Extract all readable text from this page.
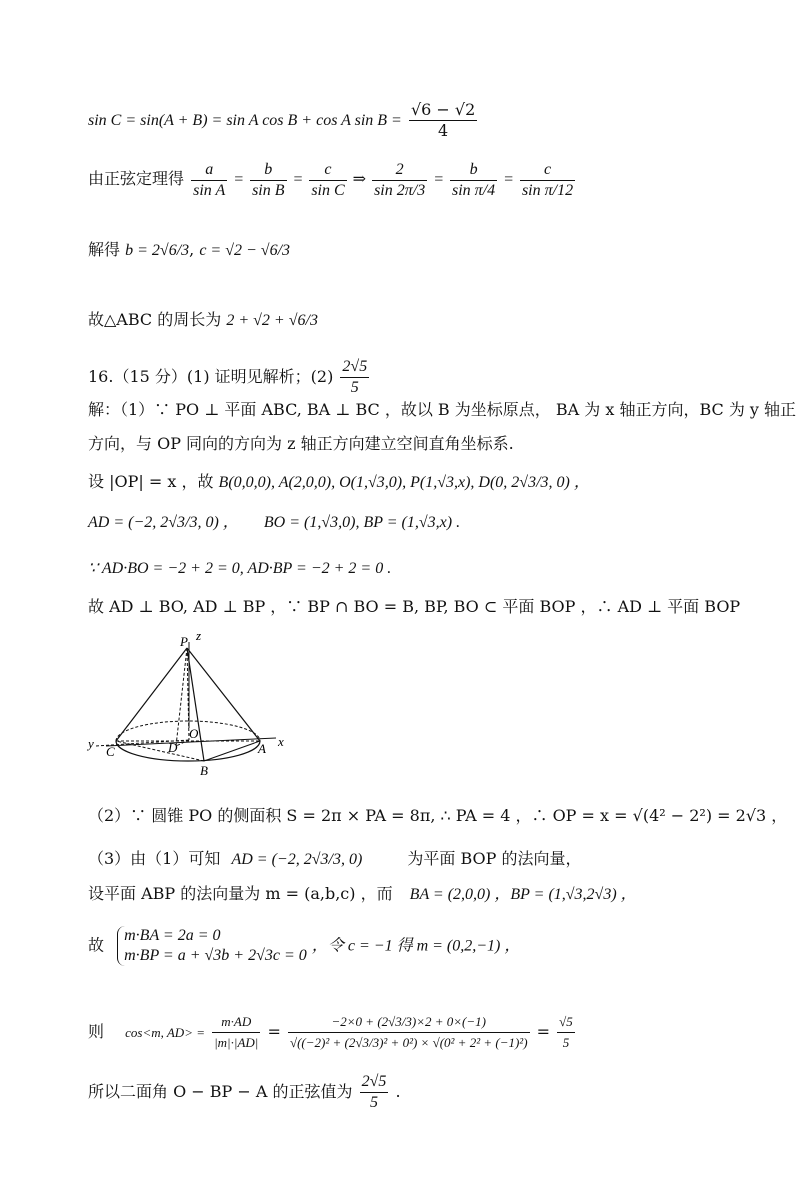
sin C = sin(A + B) = sin A cos B + cos A $\sin B = \frac{√6 - √2}{4}$
由正弦定理得 $\frac{a}{\text{sin A}} = \frac{b}{\text{sin B}} = \frac{c}{\text{sin C}}$ ⇒ $\frac{2}{\sin 2\pi/3} = \frac{b}{\text{sin π/4}} = \frac{c}{\text{sin π/12}}$
解得 b = 2√6/3, c = √2 − √6/3
故△ABC 的周长为 2 + √2 + √6/3
16.（15 分）(1) 证明见解析；$(2) \frac{2√5}{5}$
解：（1）∵ PO ⊥ 平面 ABC, BA ⊥ BC ，故以 B 为坐标原点， BA 为 x 轴正方向，BC 为 y 轴正
方向，与 OP 同向的方向为 z 轴正方向建立空间直角坐标系.
设 |OP| = x ，故 B(0,0,0), A(2,0,0), O(1,√3,0), P(1,√3,x), D(0, 2√3/3, 0) ，
AD = (−2, 2√3/3, 0) ， BO = (1,√3,0), BP = (1,√3,x) .
∵ AD·BO = −2 + 2 = 0, AD·BP = −2 + 2 = 0 .
故 AD ⊥ BO, AD ⊥ BP ，∵ BP ∩ BO = B, BP, BO ⊂ 平面 BOP ，∴ AD ⊥ 平面 BOP
P z
O
D
C	A
B
x
y
（2）∵ 圆锥 PO 的侧面积 S = 2π × PA = 8π, ∴ PA = 4 ，∴ OP = x = √(4² − 2²) = 2√3 ，
（3）由（1）可知 AD = (−2, 2√3/3, 0)	为平面 BOP 的法向量，
设平面 ABP 的法向量为 m = (a,b,c) ，而 BA = (2,0,0) ，BP = (1,√3,2√3) ，
故 m·BA = 2a = 0
m·BP = a + √3b + 2√3c = 0
，令 c = −1 得 m = (0,2,−1) ，
则 cos<m, $AD> = \frac{m\cdot AD}{|m|\cdot|AD|} = \frac{-2\times 0 + (2√3/3)\times 2 + 0\times(-1)}{\text{√((−2)² + (2√3/3)² + 0²) × √(0² + 2² + (−1)²)}} = \frac{√5}{5}$
所以二面角 O − BP − A 的正弦值为 $\frac{2√5}{5}$ .
